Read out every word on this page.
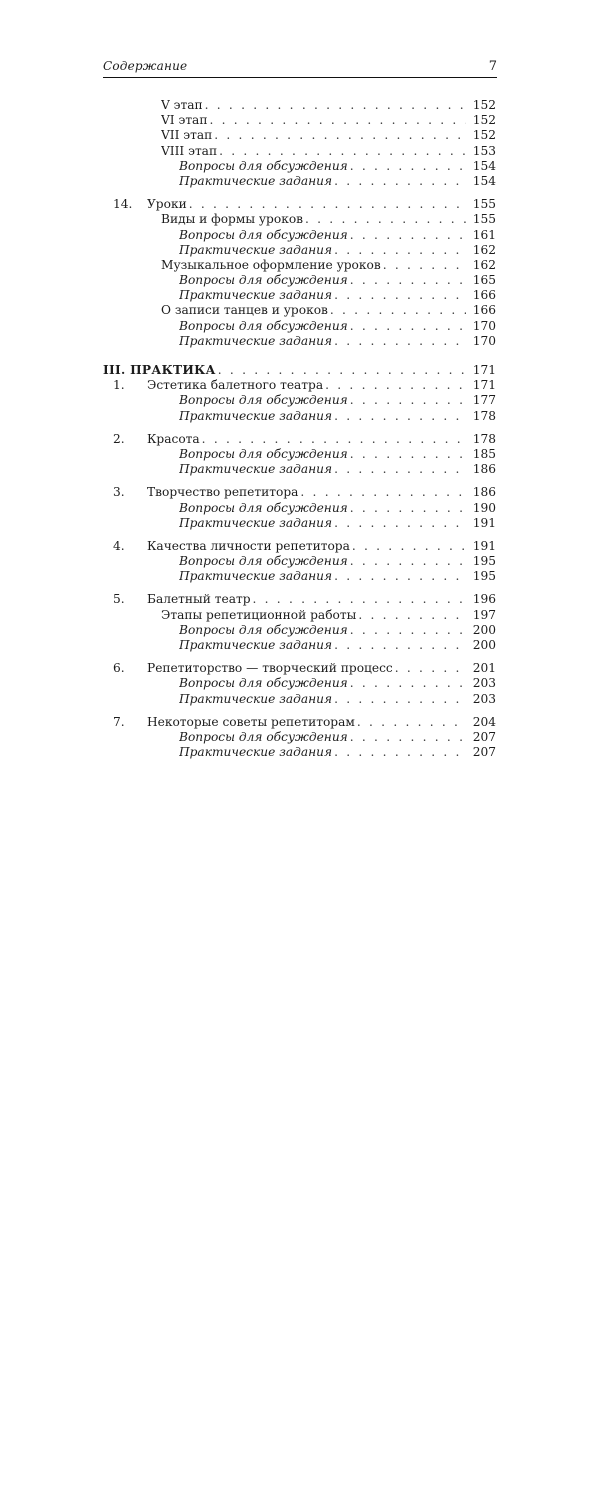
Содержание	7
V этап . . .	152
VI этап . . .	152
VII этап . . .	152
VIII этап . . .	153
Вопросы для обсуждения . . .	154
Практические задания . . .	154
14. Уроки . . .	155
Виды и формы уроков . . .	155
Вопросы для обсуждения . . .	161
Практические задания . . .	162
Музыкальное оформление уроков . . .	162
Вопросы для обсуждения . . .	165
Практические задания . . .	166
О записи танцев и уроков . . .	166
Вопросы для обсуждения . . .	170
Практические задания . . .	170
III. ПРАКТИКА . . .	171
1. Эстетика балетного театра . . .	171
Вопросы для обсуждения . . .	177
Практические задания . . .	178
2. Красота . . .	178
Вопросы для обсуждения . . .	185
Практические задания . . .	186
3. Творчество репетитора . . .	186
Вопросы для обсуждения . . .	190
Практические задания . . .	191
4. Качества личности репетитора . . .	191
Вопросы для обсуждения . . .	195
Практические задания . . .	195
5. Балетный театр . . .	196
Этапы репетиционной работы . . .	197
Вопросы для обсуждения . . .	200
Практические задания . . .	200
6. Репетиторство — творческий процесс . . .	201
Вопросы для обсуждения . . .	203
Практические задания . . .	203
7. Некоторые советы репетиторам . . .	204
Вопросы для обсуждения . . .	207
Практические задания . . .	207
